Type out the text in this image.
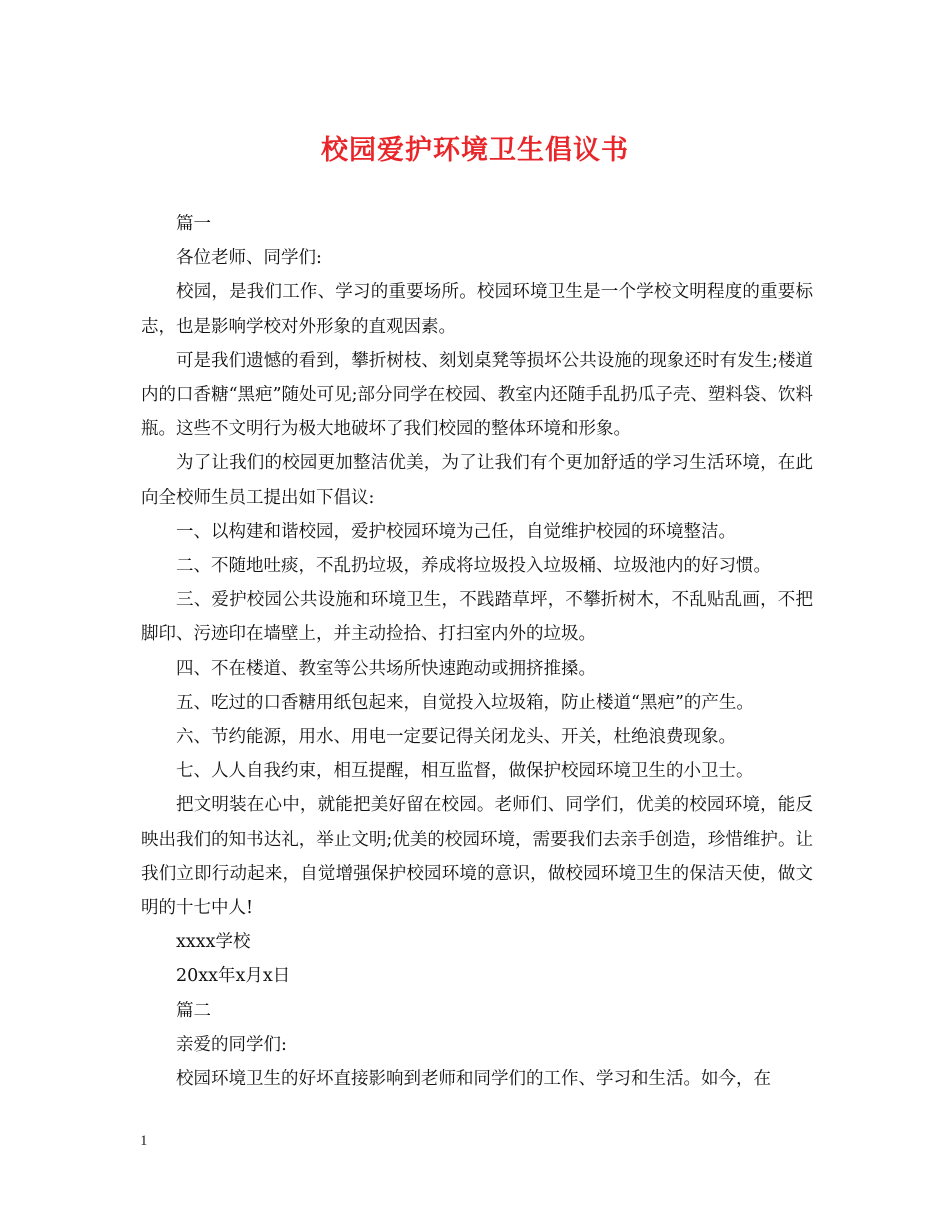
校园爱护环境卫生倡议书

篇一

各位老师、同学们:

校园，是我们工作、学习的重要场所。校园环境卫生是一个学校文明程度的重要标志，也是影响学校对外形象的直观因素。

可是我们遗憾的看到，攀折树枝、刻划桌凳等损坏公共设施的现象还时有发生;楼道内的口香糖“黑疤”随处可见;部分同学在校园、教室内还随手乱扔瓜子壳、塑料袋、饮料瓶。这些不文明行为极大地破坏了我们校园的整体环境和形象。

为了让我们的校园更加整洁优美，为了让我们有个更加舒适的学习生活环境，在此向全校师生员工提出如下倡议:

一、以构建和谐校园，爱护校园环境为己任，自觉维护校园的环境整洁。

二、不随地吐痰，不乱扔垃圾，养成将垃圾投入垃圾桶、垃圾池内的好习惯。

三、爱护校园公共设施和环境卫生，不践踏草坪，不攀折树木，不乱贴乱画，不把脚印、污迹印在墙壁上，并主动捡拾、打扫室内外的垃圾。

四、不在楼道、教室等公共场所快速跑动或拥挤推搡。

五、吃过的口香糖用纸包起来，自觉投入垃圾箱，防止楼道“黑疤”的产生。

六、节约能源，用水、用电一定要记得关闭龙头、开关，杜绝浪费现象。

七、人人自我约束，相互提醒，相互监督，做保护校园环境卫生的小卫士。

把文明装在心中，就能把美好留在校园。老师们、同学们，优美的校园环境，能反映出我们的知书达礼，举止文明;优美的校园环境，需要我们去亲手创造，珍惜维护。让我们立即行动起来，自觉增强保护校园环境的意识，做校园环境卫生的保洁天使，做文明的十七中人!

xxxx学校

20xx年x月x日

篇二

亲爱的同学们:

校园环境卫生的好坏直接影响到老师和同学们的工作、学习和生活。如今，在

1
